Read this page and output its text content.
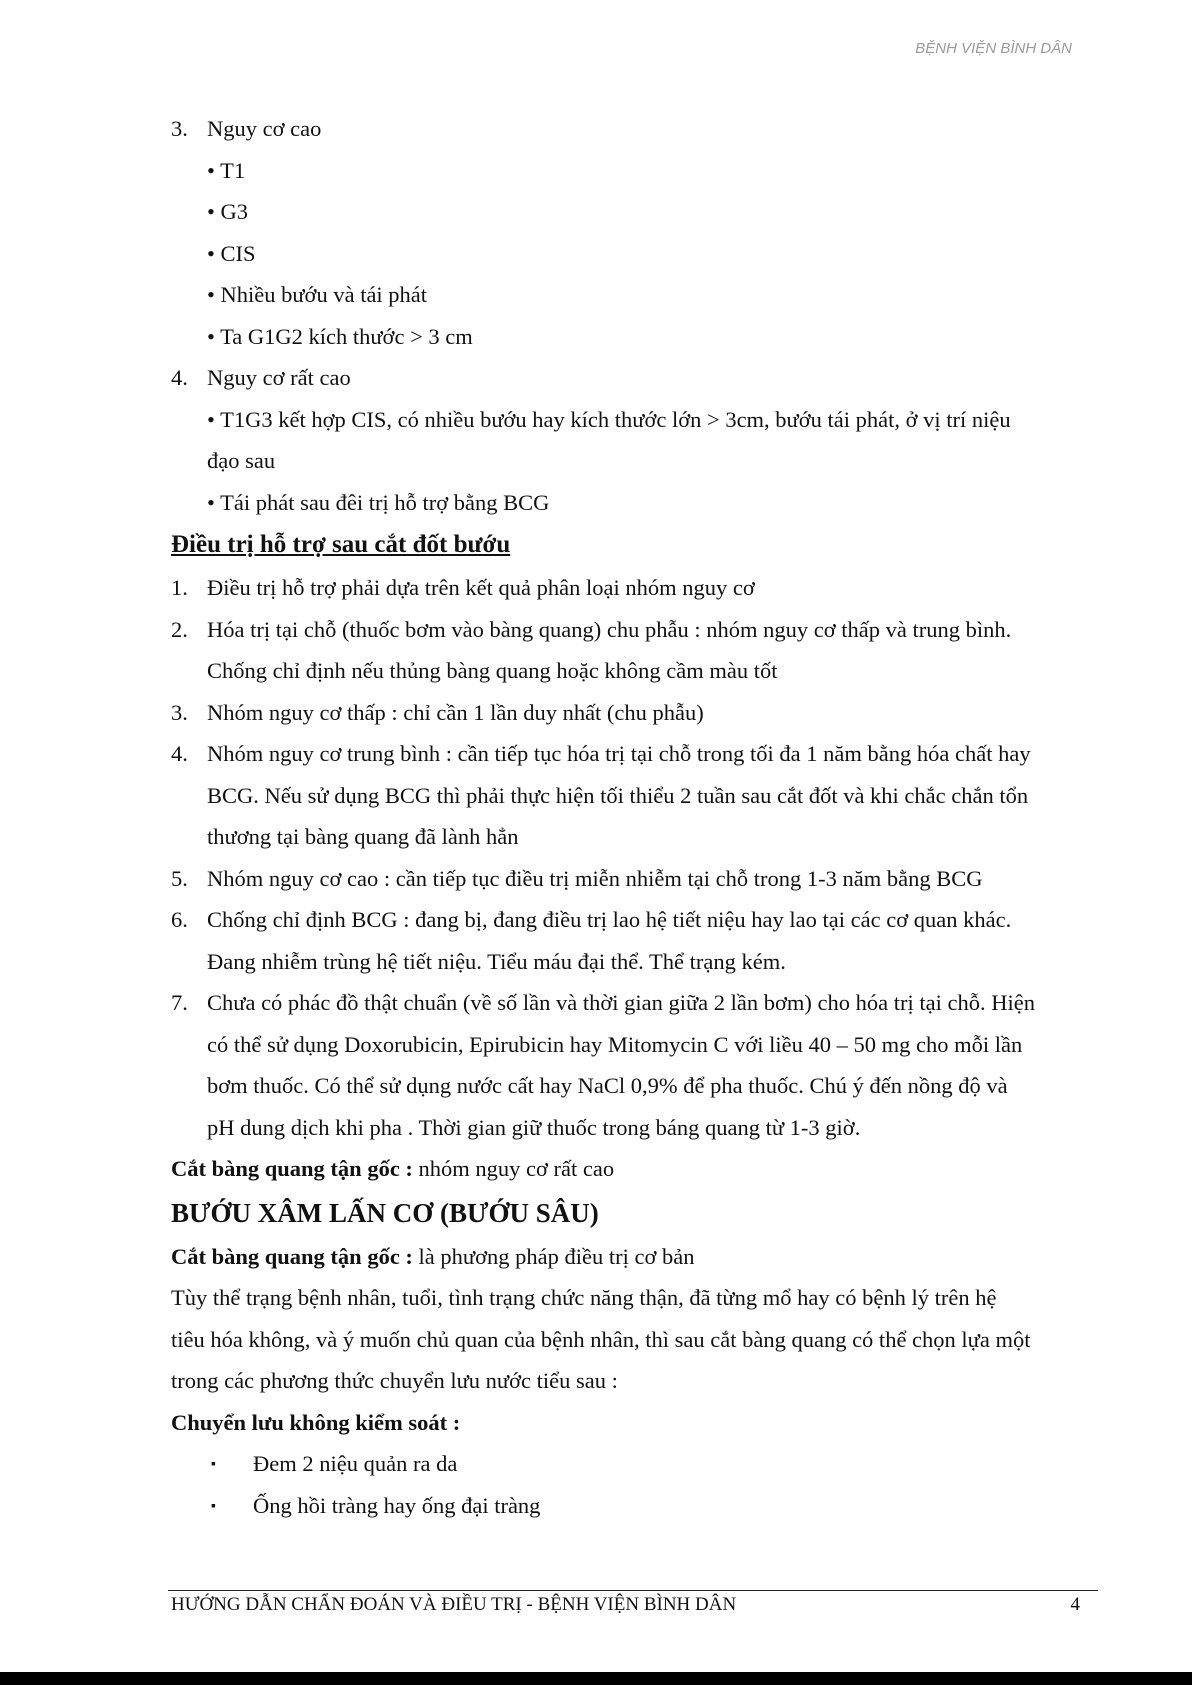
BỆNH VIỆN BÌNH DÂN
3. Nguy cơ cao
• T1
• G3
• CIS
• Nhiều bướu và tái phát
• Ta G1G2 kích thước > 3 cm
4. Nguy cơ rất cao
• T1G3 kết hợp CIS, có nhiều bướu hay kích thước lớn > 3cm, bướu tái phát, ở vị trí niệu
đạo sau
• Tái phát sau đêi trị hỗ trợ bằng BCG
Điều trị hỗ trợ sau cắt đốt bướu
1. Điều trị hỗ trợ phải dựa trên kết quả phân loại nhóm nguy cơ
2. Hóa trị tại chỗ (thuốc bơm vào bàng quang) chu phẫu : nhóm nguy cơ thấp và trung bình.
Chống chỉ định nếu thủng bàng quang hoặc không cầm màu tốt
3. Nhóm nguy cơ thấp : chỉ cần 1 lần duy nhất (chu phẫu)
4. Nhóm nguy cơ trung bình : cần tiếp tục hóa trị tại chỗ trong tối đa 1 năm bằng hóa chất hay
BCG. Nếu sử dụng BCG thì phải thực hiện tối thiểu 2 tuần sau cắt đốt và khi chắc chắn tổn
thương tại bàng quang đã lành hẳn
5. Nhóm nguy cơ cao : cần tiếp tục điều trị miễn nhiễm tại chỗ trong 1-3 năm bằng BCG
6. Chống chỉ định BCG : đang bị, đang điều trị lao hệ tiết niệu hay lao tại các cơ quan khác.
Đang nhiễm trùng hệ tiết niệu. Tiểu máu đại thể. Thể trạng kém.
7. Chưa có phác đồ thật chuẩn (về số lần và thời gian giữa 2 lần bơm) cho hóa trị tại chỗ. Hiện
có thể sử dụng Doxorubicin, Epirubicin hay Mitomycin C với liều 40 – 50 mg cho mỗi lần
bơm thuốc. Có thể sử dụng nước cất hay NaCl 0,9% để pha thuốc. Chú ý đến nồng độ và
pH dung dịch khi pha . Thời gian giữ thuốc trong báng quang từ 1-3 giờ.
Cắt bàng quang tận gốc : nhóm nguy cơ rất cao
BƯỚU XÂM LẤN CƠ (BƯỚU SÂU)
Cắt bàng quang tận gốc : là phương pháp điều trị cơ bản
Tùy thể trạng bệnh nhân, tuổi, tình trạng chức năng thận, đã từng mổ hay có bệnh lý trên hệ
tiêu hóa không, và ý muốn chủ quan của bệnh nhân, thì sau cắt bàng quang có thể chọn lựa một
trong các phương thức chuyển lưu nước tiểu sau :
Chuyển lưu không kiểm soát :
▪ Đem 2 niệu quản ra da
▪ Ống hồi tràng hay ống đại tràng
HƯỚNG DẪN CHẨN ĐOÁN VÀ ĐIỀU TRỊ - BỆNH VIỆN BÌNH DÂN	4
